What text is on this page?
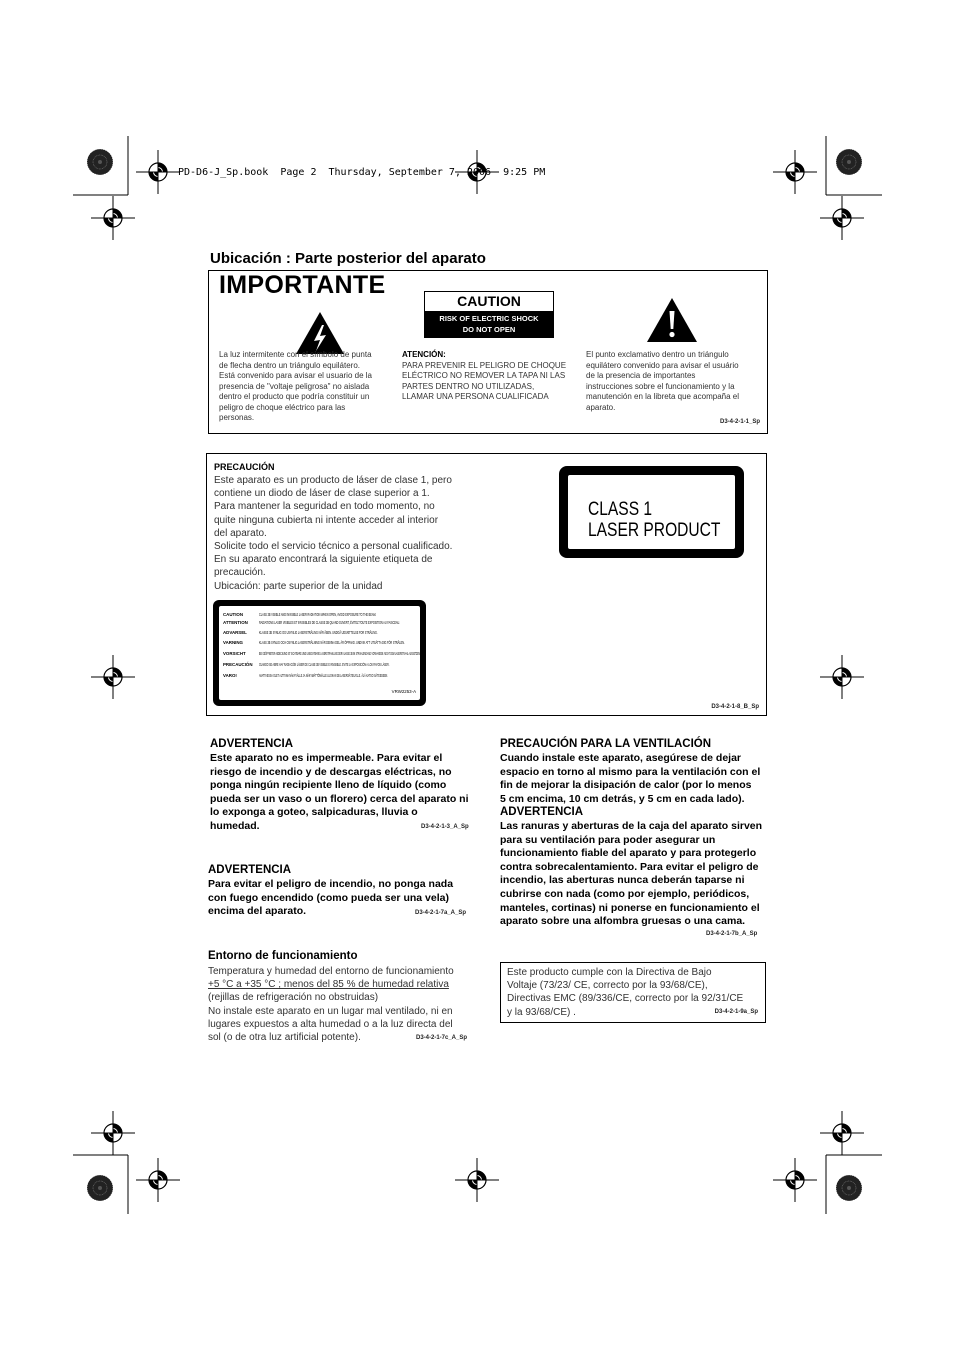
PD-D6-J_Sp.book  Page 2  Thursday, September 7, 2006  9:25 PM
Ubicación : Parte posterior del aparato
IMPORTANTE
CAUTION
RISK OF ELECTRIC SHOCK
DO NOT OPEN
La luz intermitente con el símbolo de punta
de flecha dentro un triángulo equilátero.
Está convenido para avisar el usuario de la
presencia de "voltaje peligrosa" no aislada
dentro el producto que podría constituir un
peligro de choque eléctrico para las
personas.
ATENCIÓN:
PARA PREVENIR EL PELIGRO DE CHOQUE
ELÉCTRICO NO REMOVER LA TAPA NI LAS
PARTES DENTRO NO UTILIZADAS,
LLAMAR UNA PERSONA CUALIFICADA
El punto exclamativo dentro un triángulo
equilátero convenido para avisar el usuário
de la presencia de importantes
instrucciones sobre el funcionamiento y la
manutención en la libreta que acompaña el
aparato.
D3-4-2-1-1_Sp
PRECAUCIÓN
Este aparato es un producto de láser de clase 1, pero
contiene un diodo de láser de clase superior a 1.
Para mantener la seguridad en todo momento, no
quite ninguna cubierta ni intente acceder al interior
del aparato.
Solicite todo el servicio técnico a personal cualificado.
En su aparato encontrará la siguiente etiqueta de
precaución.
Ubicación: parte superior de la unidad
CLASS 1
LASER PRODUCT
CAUTION	CLASS 3B VISIBLE AND INVISIBLE LASER RADIATION WHEN OPEN, AVOID EXPOSURE TO THE BEAM.
ATTENTION	RADIATIONS LASER VISIBLES ET INVISIBLES DE CLASSE 3B QUAND OUVERT, ÉVITEZ TOUTE EXPOSITION AU FAISCEAU.
ADVARSEL	KLASSE 3B SYNLIG OG USYNLIG LASERSTRÅLING NÅR ÅBEN. UNDGÅ UDSÆTTELSE FOR STRÅLING.
VARNING	KLASS 3B SYNLIG OCH OSYNLIG LASERSTRÅLNING NÄR DENNA DEL ÄR ÖPPNAD. UNDVIK ATT UTSÄTTA DIG FÖR STRÅLEN.
VORSICHT	BEI GEÖFFNETER ABDECKUNG IST SICHTBARE UND UNSICHTBARE LASERSTRAHLUNG DER KLASSE 3B IM STRAHLENGANG VORHANDEN. NICHT DEM LASERSTRAHL AUSSETZEN!
PRECAUCIÓN CUANDO SE ABRE HAY RADIACIÓN LÁSER DE CLASE 3B VISIBLE E INVISIBLE. EVITE LA EXPOSICIÓN A LOS RAYOS LÁSER.
VARO!	AVATTAESSA OLET ALTTIINA NÄKYVÄLLE JA NÄKYMÄTTÖMÄLLE LUOKAN 3B LASERSÄTEILYLLE. ÄLÄ KATSO SÄTEESEEN.
VRW2253-A
D3-4-2-1-8_B_Sp
ADVERTENCIA
Este aparato no es impermeable. Para evitar el
riesgo de incendio y de descargas eléctricas, no
ponga ningún recipiente lleno de líquido (como
pueda ser un vaso o un florero) cerca del aparato ni
lo exponga a goteo, salpicaduras, lluvia o
humedad.	D3-4-2-1-3_A_Sp
ADVERTENCIA
Para evitar el peligro de incendio, no ponga nada
con fuego encendido (como pueda ser una vela)
encima del aparato.	D3-4-2-1-7a_A_Sp
Entorno de funcionamiento
Temperatura y humedad del entorno de funcionamiento
+5 °C a +35 °C ; menos del 85 % de humedad relativa
(rejillas de refrigeración no obstruidas)
No instale este aparato en un lugar mal ventilado, ni en
lugares expuestos a alta humedad o a la luz directa del
sol (o de otra luz artificial potente).	D3-4-2-1-7c_A_Sp
PRECAUCIÓN PARA LA VENTILACIÓN
Cuando instale este aparato, asegúrese de dejar
espacio en torno al mismo para la ventilación con el
fin de mejorar la disipación de calor (por lo menos
5 cm encima, 10 cm detrás, y 5 cm en cada lado).
ADVERTENCIA
Las ranuras y aberturas de la caja del aparato sirven
para su ventilación para poder asegurar un
funcionamiento fiable del aparato y para protegerlo
contra sobrecalentamiento. Para evitar el peligro de
incendio, las aberturas nunca deberán taparse ni
cubrirse con nada (como por ejemplo, periódicos,
manteles, cortinas) ni ponerse en funcionamiento el
aparato sobre una alfombra gruesas o una cama.
D3-4-2-1-7b_A_Sp
Este producto cumple con la Directiva de Bajo
Voltaje (73/23/ CE, correcto por la 93/68/CE),
Directivas EMC (89/336/CE, correcto por la 92/31/CE
y la 93/68/CE) .	D3-4-2-1-9a_Sp
